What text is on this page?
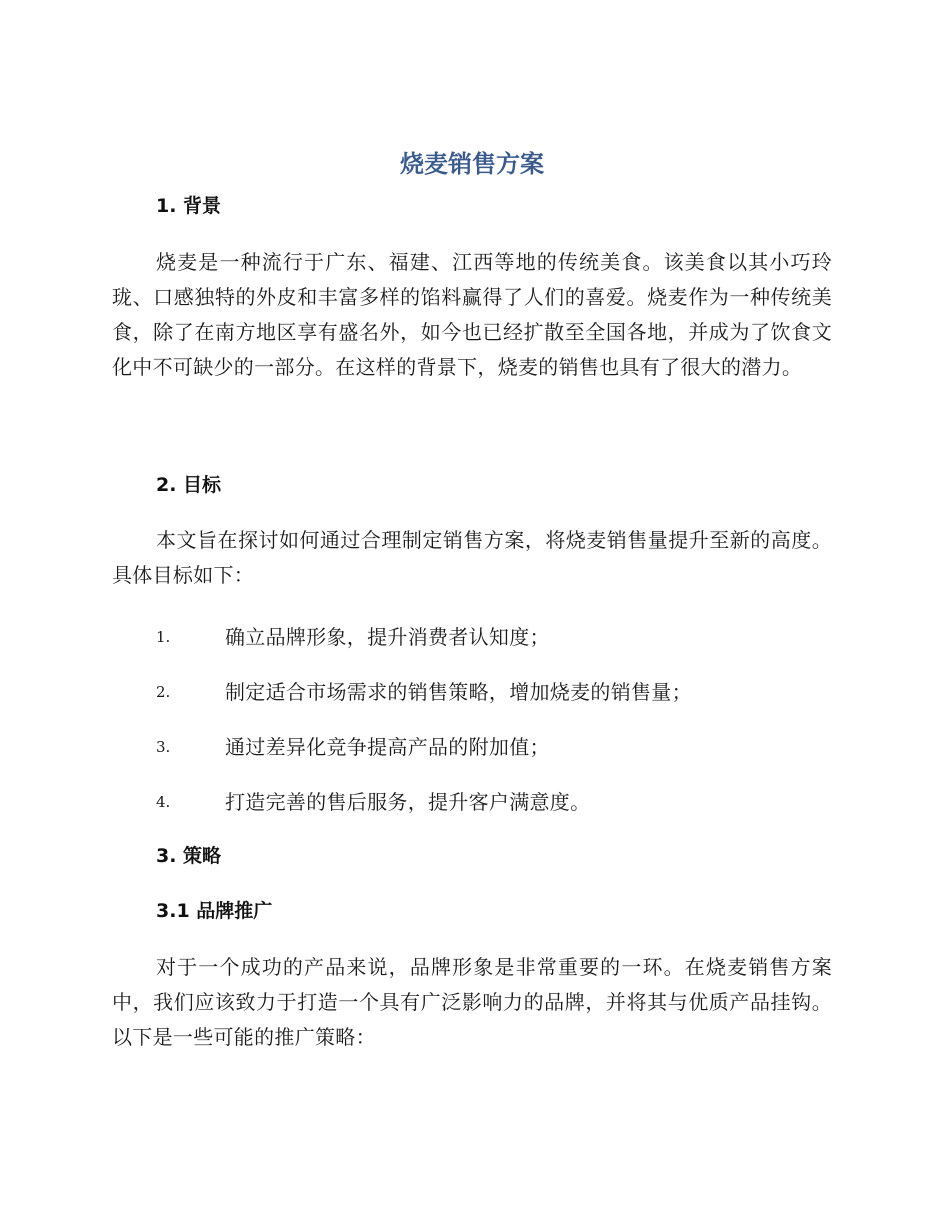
烧麦销售方案
1. 背景

烧麦是一种流行于广东、福建、江西等地的传统美食。该美食以其小巧玲珑、口感独特的外皮和丰富多样的馅料赢得了人们的喜爱。烧麦作为一种传统美食，除了在南方地区享有盛名外，如今也已经扩散至全国各地，并成为了饮食文化中不可缺少的一部分。在这样的背景下，烧麦的销售也具有了很大的潜力。

2. 目标

本文旨在探讨如何通过合理制定销售方案，将烧麦销售量提升至新的高度。具体目标如下：

1.	确立品牌形象，提升消费者认知度；
2.	制定适合市场需求的销售策略，增加烧麦的销售量；
3.	通过差异化竞争提高产品的附加值；
4.	打造完善的售后服务，提升客户满意度。
3. 策略
3.1 品牌推广

对于一个成功的产品来说，品牌形象是非常重要的一环。在烧麦销售方案中，我们应该致力于打造一个具有广泛影响力的品牌，并将其与优质产品挂钩。以下是一些可能的推广策略：
